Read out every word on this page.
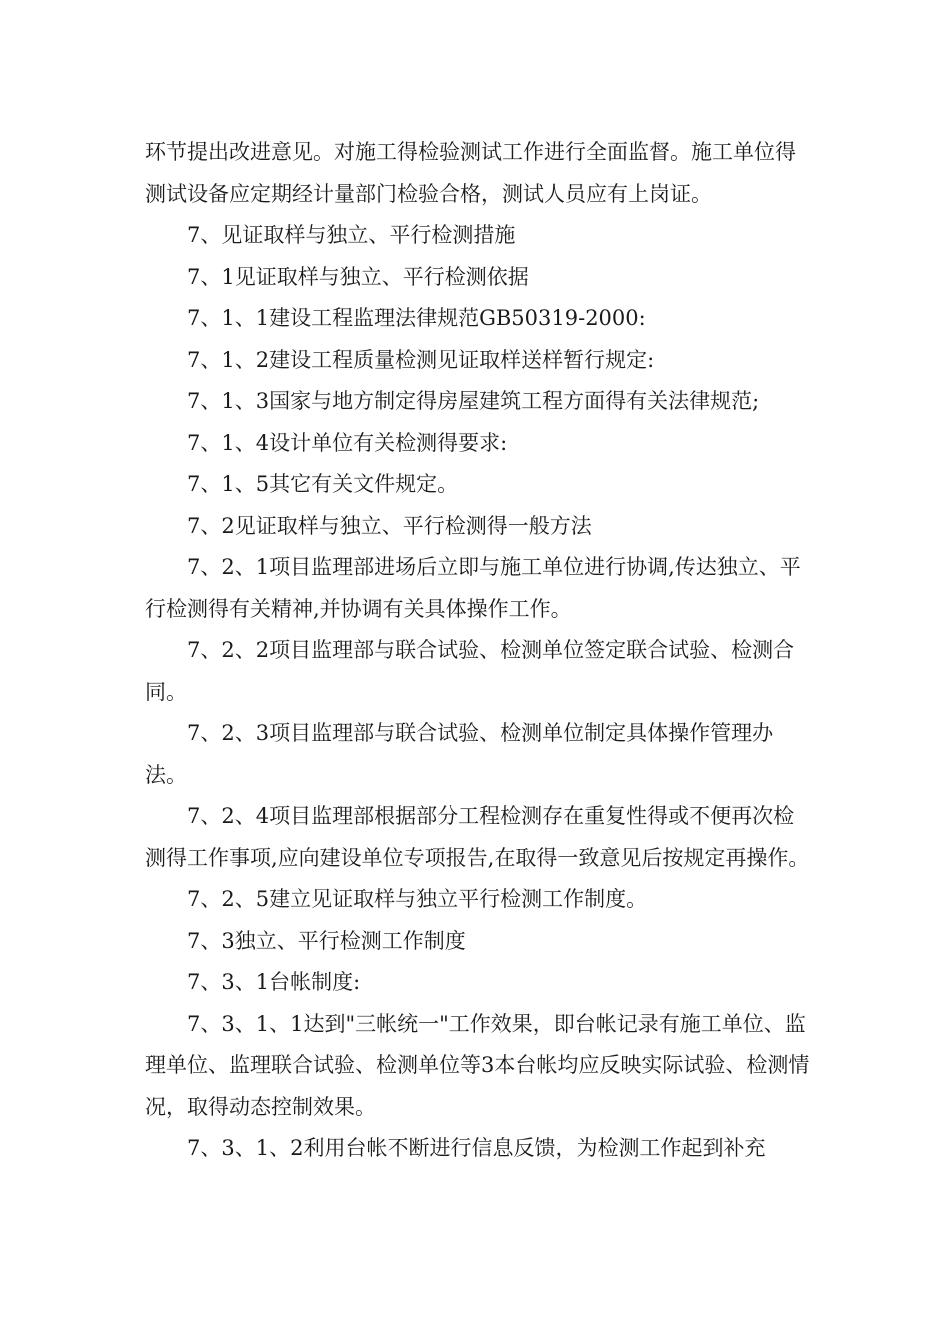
环节提出改进意见。对施工得检验测试工作进行全面监督。施工单位得测试设备应定期经计量部门检验合格，测试人员应有上岗证。

7、见证取样与独立、平行检测措施

7、1见证取样与独立、平行检测依据

7、1、1建设工程监理法律规范GB50319-2000:

7、1、2建设工程质量检测见证取样送样暂行规定:

7、1、3国家与地方制定得房屋建筑工程方面得有关法律规范;

7、1、4设计单位有关检测得要求:

7、1、5其它有关文件规定。

7、2见证取样与独立、平行检测得一般方法

7、2、1项目监理部进场后立即与施工单位进行协调,传达独立、平行检测得有关精神,并协调有关具体操作工作。

7、2、2项目监理部与联合试验、检测单位签定联合试验、检测合同。

7、2、3项目监理部与联合试验、检测单位制定具体操作管理办法。

7、2、4项目监理部根据部分工程检测存在重复性得或不便再次检测得工作事项,应向建设单位专项报告,在取得一致意见后按规定再操作。

7、2、5建立见证取样与独立平行检测工作制度。

7、3独立、平行检测工作制度

7、3、1台帐制度:

7、3、1、1达到"三帐统一"工作效果，即台帐记录有施工单位、监理单位、监理联合试验、检测单位等3本台帐均应反映实际试验、检测情况，取得动态控制效果。

7、3、1、2利用台帐不断进行信息反馈，为检测工作起到补充
